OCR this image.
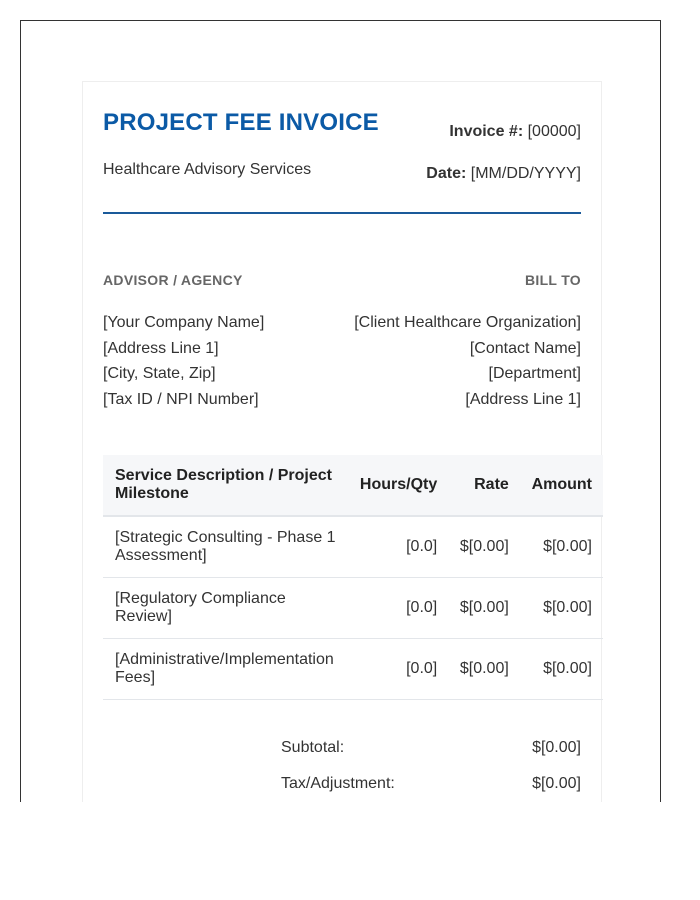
PROJECT FEE INVOICE
Healthcare Advisory Services
Invoice #: [00000]
Date: [MM/DD/YYYY]
ADVISOR / AGENCY	BILL TO
[Your Company Name]
[Address Line 1]
[City, State, Zip]
[Tax ID / NPI Number]
[Client Healthcare Organization]
[Contact Name]
[Department]
[Address Line 1]
Service Description / Project Milestone	Hours/Qty	Rate	Amount
[Strategic Consulting - Phase 1 Assessment]	[0.0]	$[0.00]	$[0.00]
[Regulatory Compliance Review]	[0.0]	$[0.00]	$[0.00]
[Administrative/Implementation Fees]	[0.0]	$[0.00]	$[0.00]
Subtotal:	$[0.00]
Tax/Adjustment:	$[0.00]
